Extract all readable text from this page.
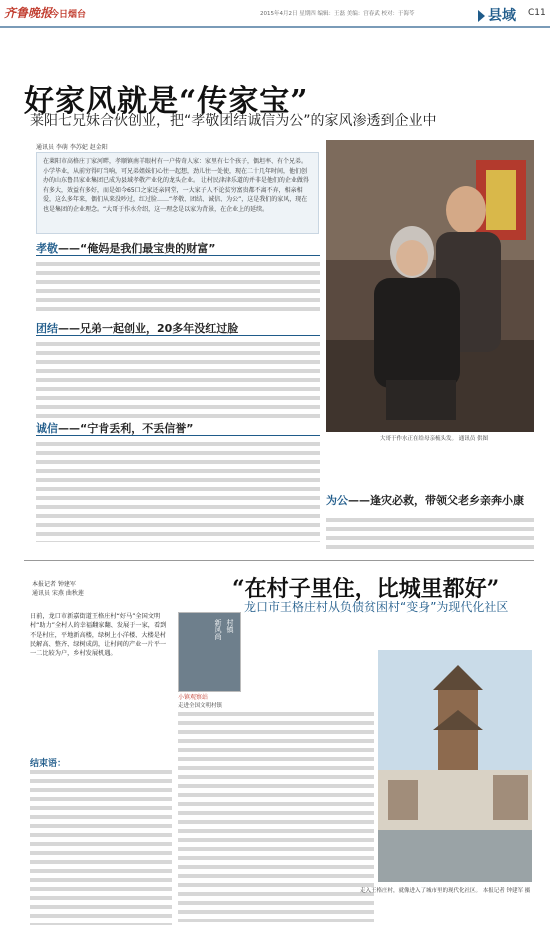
齐鲁晚报
今日烟台	2015年4月2日 星期四 编辑：王磊 美编：宫春武 校对：于海苓	县域 C11
好家风就是“传家宝”
莱阳七兄妹合伙创业，把“孝敬团结诚信为公”的家风渗透到企业中
通讯员 李萌 李苏妃 赵金阳
在莱阳市高格庄丁家河畔，孝顺镇南羊眼村有一户传奇人家：家里有七个孩子，偶坦率、有个兄弟。小学毕业，从前穷得叮当响，可兄弟姐妹们心往一起想，劲儿往一处使，现在二十几年时间，他们创办的山东鲁昌家业集团已成为县域孝敬产业化的龙头企业。 让村民津津乐道的并非是他们的企业做得有多大，效益有多好，而是如今65口之家还亲同堂，一大家子人不论贫穷富贵都不离不弃，相亲相爱，这么多年来，偶们从来没吵过，红过脸……“孝敬、团结、诚信、为公”，这是我们的家风，现在也是集团的企业理念。“大哥于作水介绍，这一理念是以家为背景，在企业上的延续。
大哥于作水正在给母亲梳头发。 通讯员 供图
孝敬——“俺妈是我们最宝贵的财富”
团结——兄弟一起创业，20多年没红过脸
诚信——“宁肯丢利，不丢信誉”
为公——逢灾必救，带领父老乡亲奔小康
本报记者 钟建军
通讯员 宋燕 曲秋莲	“在村子里住，比城里都好”
龙口市王格庄村从负债贫困村“变身”为现代化社区
日前，龙口市新嘉街道王格庄村“好马”全国文明村“助力”全村人的幸福翻家翻、发展于一家，看到不是村庄，平地新高楼，绿树上小洋楼、大楼是村民解高、整齐、绿树成荫，让村间的产业一片平一一二比较为户，乡村发展机遇。
结束语：
村镇
新风尚
小镇观察站
走进全国文明村镇
走入王格庄村，就像进入了城市里的现代化社区。 本报记者 钟建军 摄
